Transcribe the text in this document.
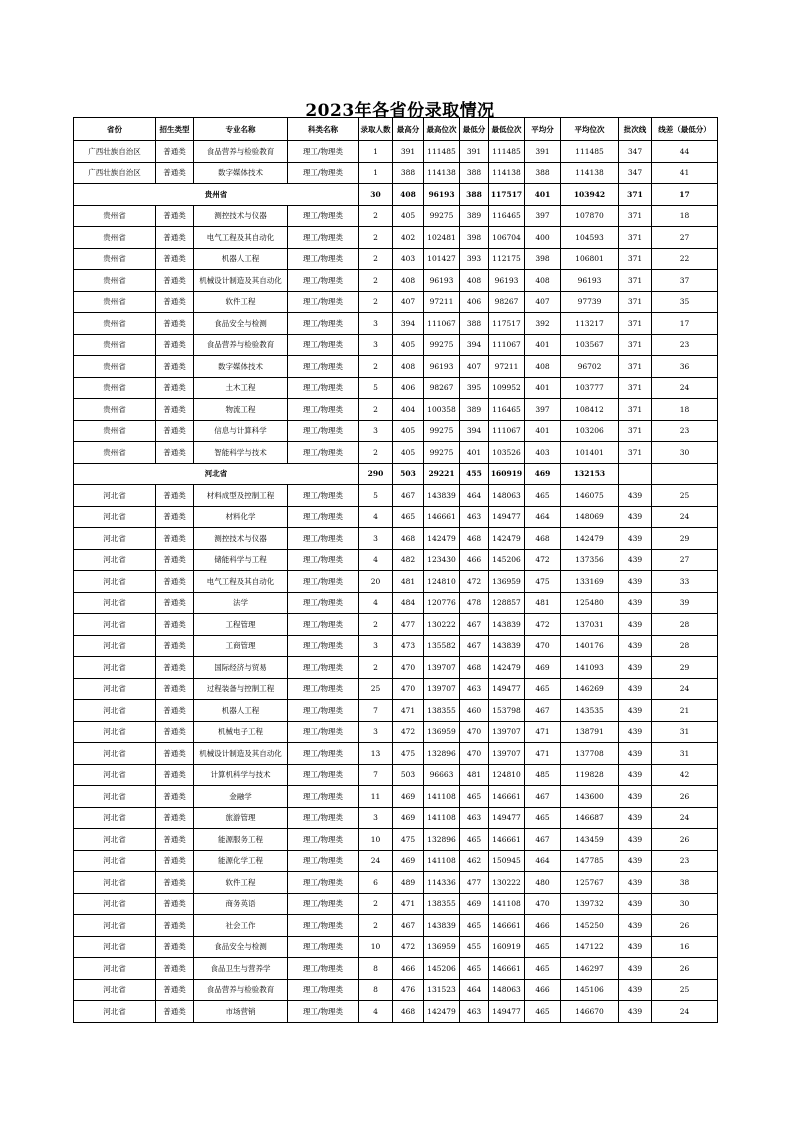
2023年各省份录取情况
省份	招生类型	专业名称	科类名称	录取人数	最高分	最高位次	最低分	最低位次	平均分	平均位次	批次线	线差（最低分）
广西壮族自治区	普通类	食品营养与检验教育	理工/物理类	1	391	111485	391	111485	391	111485	347	44
广西壮族自治区	普通类	数字媒体技术	理工/物理类	1	388	114138	388	114138	388	114138	347	41
贵州省				30	408	96193	388	117517	401	103942	371	17
贵州省	普通类	测控技术与仪器	理工/物理类	2	405	99275	389	116465	397	107870	371	18
贵州省	普通类	电气工程及其自动化	理工/物理类	2	402	102481	398	106704	400	104593	371	27
贵州省	普通类	机器人工程	理工/物理类	2	403	101427	393	112175	398	106801	371	22
贵州省	普通类	机械设计制造及其自动化	理工/物理类	2	408	96193	408	96193	408	96193	371	37
贵州省	普通类	软件工程	理工/物理类	2	407	97211	406	98267	407	97739	371	35
贵州省	普通类	食品安全与检测	理工/物理类	3	394	111067	388	117517	392	113217	371	17
贵州省	普通类	食品营养与检验教育	理工/物理类	3	405	99275	394	111067	401	103567	371	23
贵州省	普通类	数字媒体技术	理工/物理类	2	408	96193	407	97211	408	96702	371	36
贵州省	普通类	土木工程	理工/物理类	5	406	98267	395	109952	401	103777	371	24
贵州省	普通类	物流工程	理工/物理类	2	404	100358	389	116465	397	108412	371	18
贵州省	普通类	信息与计算科学	理工/物理类	3	405	99275	394	111067	401	103206	371	23
贵州省	普通类	智能科学与技术	理工/物理类	2	405	99275	401	103526	403	101401	371	30
河北省				290	503	29221	455	160919	469	132153		
河北省	普通类	材料成型及控制工程	理工/物理类	5	467	143839	464	148063	465	146075	439	25
河北省	普通类	材料化学	理工/物理类	4	465	146661	463	149477	464	148069	439	24
河北省	普通类	测控技术与仪器	理工/物理类	3	468	142479	468	142479	468	142479	439	29
河北省	普通类	储能科学与工程	理工/物理类	4	482	123430	466	145206	472	137356	439	27
河北省	普通类	电气工程及其自动化	理工/物理类	20	481	124810	472	136959	475	133169	439	33
河北省	普通类	法学	理工/物理类	4	484	120776	478	128857	481	125480	439	39
河北省	普通类	工程管理	理工/物理类	2	477	130222	467	143839	472	137031	439	28
河北省	普通类	工商管理	理工/物理类	3	473	135582	467	143839	470	140176	439	28
河北省	普通类	国际经济与贸易	理工/物理类	2	470	139707	468	142479	469	141093	439	29
河北省	普通类	过程装备与控制工程	理工/物理类	25	470	139707	463	149477	465	146269	439	24
河北省	普通类	机器人工程	理工/物理类	7	471	138355	460	153798	467	143535	439	21
河北省	普通类	机械电子工程	理工/物理类	3	472	136959	470	139707	471	138791	439	31
河北省	普通类	机械设计制造及其自动化	理工/物理类	13	475	132896	470	139707	471	137708	439	31
河北省	普通类	计算机科学与技术	理工/物理类	7	503	96663	481	124810	485	119828	439	42
河北省	普通类	金融学	理工/物理类	11	469	141108	465	146661	467	143600	439	26
河北省	普通类	旅游管理	理工/物理类	3	469	141108	463	149477	465	146687	439	24
河北省	普通类	能源服务工程	理工/物理类	10	475	132896	465	146661	467	143459	439	26
河北省	普通类	能源化学工程	理工/物理类	24	469	141108	462	150945	464	147785	439	23
河北省	普通类	软件工程	理工/物理类	6	489	114336	477	130222	480	125767	439	38
河北省	普通类	商务英语	理工/物理类	2	471	138355	469	141108	470	139732	439	30
河北省	普通类	社会工作	理工/物理类	2	467	143839	465	146661	466	145250	439	26
河北省	普通类	食品安全与检测	理工/物理类	10	472	136959	455	160919	465	147122	439	16
河北省	普通类	食品卫生与营养学	理工/物理类	8	466	145206	465	146661	465	146297	439	26
河北省	普通类	食品营养与检验教育	理工/物理类	8	476	131523	464	148063	466	145106	439	25
河北省	普通类	市场营销	理工/物理类	4	468	142479	463	149477	465	146670	439	24
